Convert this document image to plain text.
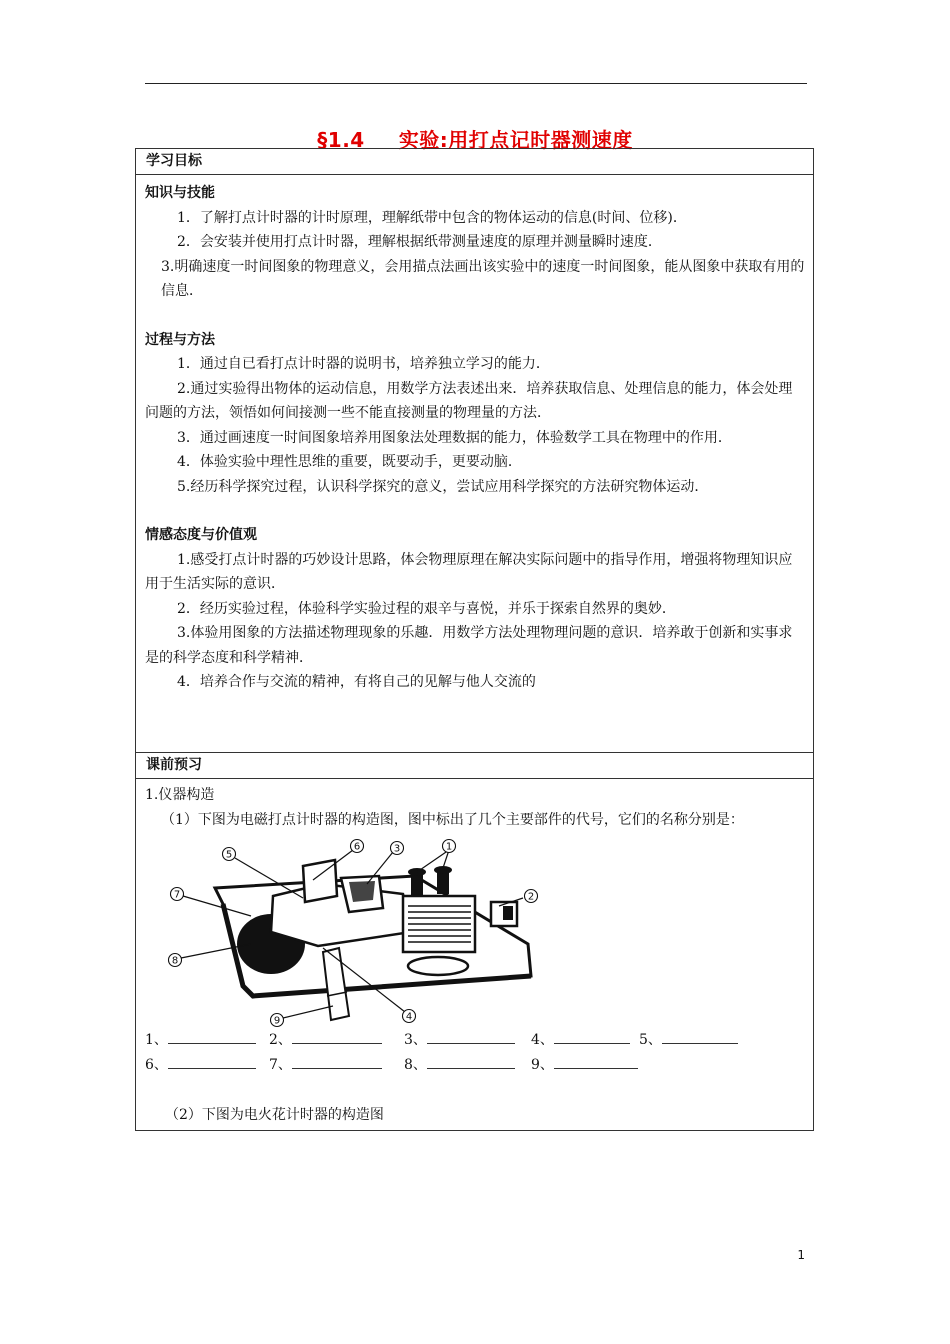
§1.4 实验:用打点记时器测速度
学习目标
知识与技能

1．了解打点计时器的计时原理，理解纸带中包含的物体运动的信息(时间、位移)．

2．会安装并使用打点计时器，理解根据纸带测量速度的原理并测量瞬时速度．

3.明确速度一时间图象的物理意义，会用描点法画出该实验中的速度一时间图象，能从图象中获取有用的信息．

过程与方法

1．通过自已看打点计时器的说明书，培养独立学习的能力．

2.通过实验得出物体的运动信息，用数学方法表述出来．培养获取信息、处理信息的能力，体会处理问题的方法，领悟如何间接测一些不能直接测量的物理量的方法．

3．通过画速度一时间图象培养用图象法处理数据的能力，体验数学工具在物理中的作用．

4．体验实验中理性思维的重要，既要动手，更要动脑．

5.经历科学探究过程，认识科学探究的意义，尝试应用科学探究的方法研究物体运动．

情感态度与价值观

1.感受打点计时器的巧妙设计思路，体会物理原理在解决实际问题中的指导作用，增强将物理知识应用于生活实际的意识．

2．经历实验过程，体验科学实验过程的艰辛与喜悦，并乐于探索自然界的奥妙．

3.体验用图象的方法描述物理现象的乐趣．用数学方法处理物理问题的意识．培养敢于创新和实事求是的科学态度和科学精神．

4．培养合作与交流的精神，有将自己的见解与他人交流的

课前预习
1.仪器构造

（1）下图为电磁打点计时器的构造图，图中标出了几个主要部件的代号，它们的名称分别是：

1
2
3
4
5
6
7
8
9
1、	2、	3、	4、	5、
6、	7、	8、	9、

（2）下图为电火花计时器的构造图

1
